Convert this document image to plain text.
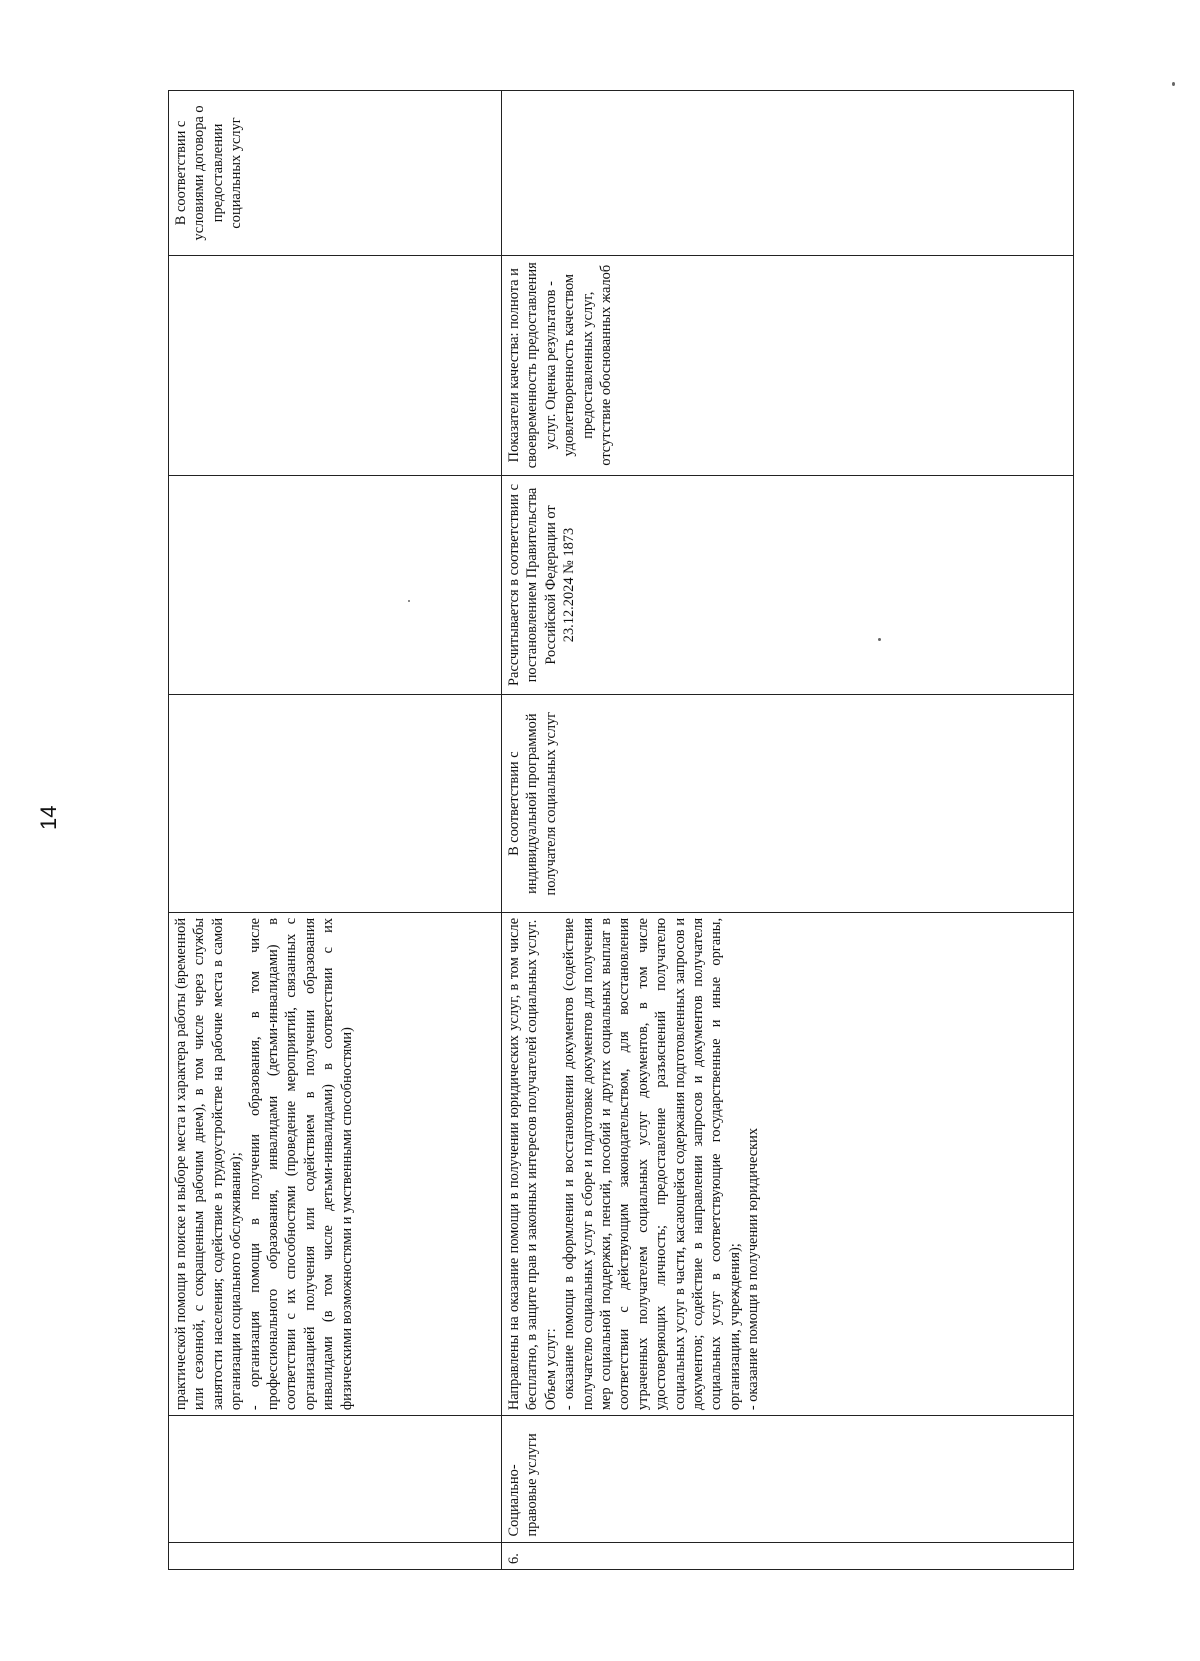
14

		практической помощи в поиске и выборе места и характера работы (временной или сезонной, с сокращенным рабочим днем), в том числе через службы занятости населения; содействие в трудоустройстве на рабочие места в самой организации социального обслуживания); - организация помощи в получении образования, в том числе профессионального образования, инвалидами (детьми-инвалидами) в соответствии с их способностями (проведение мероприятий, связанных с организацией получения или содействием в получении образования инвалидами (в том числе детьми-инвалидами) в соответствии с их физическими возможностями и умственными способностями)				В соответствии с условиями договора о предоставлении социальных услуг
6.	Социально-правовые услуги	Направлены на оказание помощи в получении юридических услуг, в том числе бесплатно, в защите прав и законных интересов получателей социальных услуг. Объем услуг: - оказание помощи в оформлении и восстановлении документов (содействие получателю социальных услуг в сборе и подготовке документов для получения мер социальной поддержки, пенсий, пособий и других социальных выплат в соответствии с действующим законодательством, для восстановления утраченных получателем социальных услуг документов, в том числе удостоверяющих личность; предоставление разъяснений получателю социальных услуг в части, касающейся содержания подготовленных запросов и документов; содействие в направлении запросов и документов получателя социальных услуг в соответствующие государственные и иные органы, организации, учреждения); - оказание помощи в получении юридических	В соответствии с индивидуальной программой получателя социальных услуг	Рассчитывается в соответствии с постановлением Правительства Российской Федерации от 23.12.2024 № 1873	Показатели качества: полнота и своевременность предоставления услуг. Оценка результатов - удовлетворенность качеством предоставленных услуг, отсутствие обоснованных жалоб	
